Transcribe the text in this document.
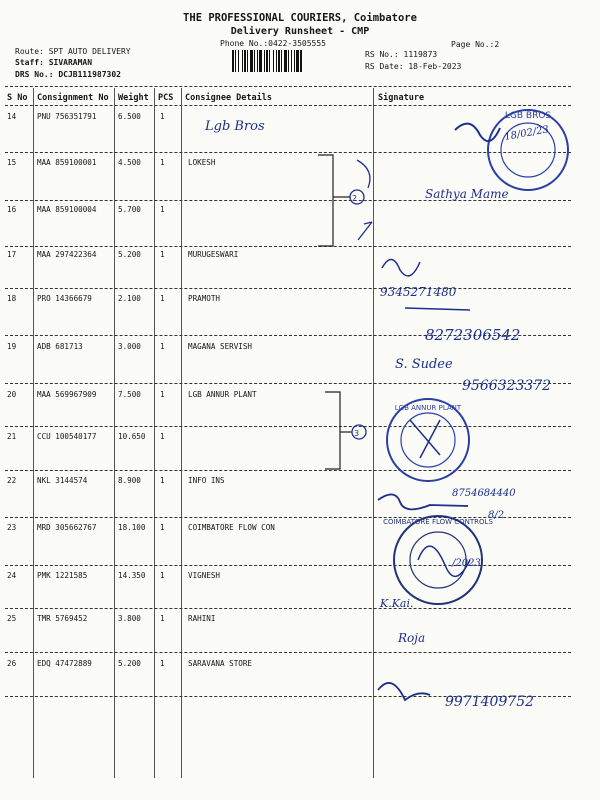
THE PROFESSIONAL COURIERS, Coimbatore
Delivery Runsheet - CMP
Phone No.:0422-3505555	Page No.:2
Route: SPT AUTO DELIVERY
Staff: SIVARAMAN
DRS No.: DCJB111987302
RS No.: 1119873
RS Date: 18-Feb-2023
S No Consignment No Weight PCS Consignee Details	Signature
14	PNU 756351791	6.500	1
15	MAA 859100001	4.500	1	LOKESH
16	MAA 859100004	5.700	1
17	MAA 297422364	5.200	1	MURUGESWARI
18	PRO 14366679	2.100	1	PRAMOTH
19	ADB 681713	3.000	1	MAGANA SERVISH
20	MAA 569967909	7.500	1	LGB ANNUR PLANT
21	CCU 100540177	10.650 1
22	NKL 3144574	8.900	1	INFO INS
23	MRD 305662767	18.100 1	COIMBATORE FLOW CON
24	PMK 1221585	14.350 1	VIGNESH
25	TMR 5769452	3.800	1	RAHINI
26	EDQ 47472889	5.200	1	SARAVANA STORE
LGB BROS
LGB ANNUR PLANT
COIMBATORE FLOW CONTROLS
Lgb Bros	18/02/23
Sathya Mame
2
3
9345271480
8272306542
S. Sudee
9566323372
8754684440
8/2
/2023
K.Kai.
Roja
9971409752
